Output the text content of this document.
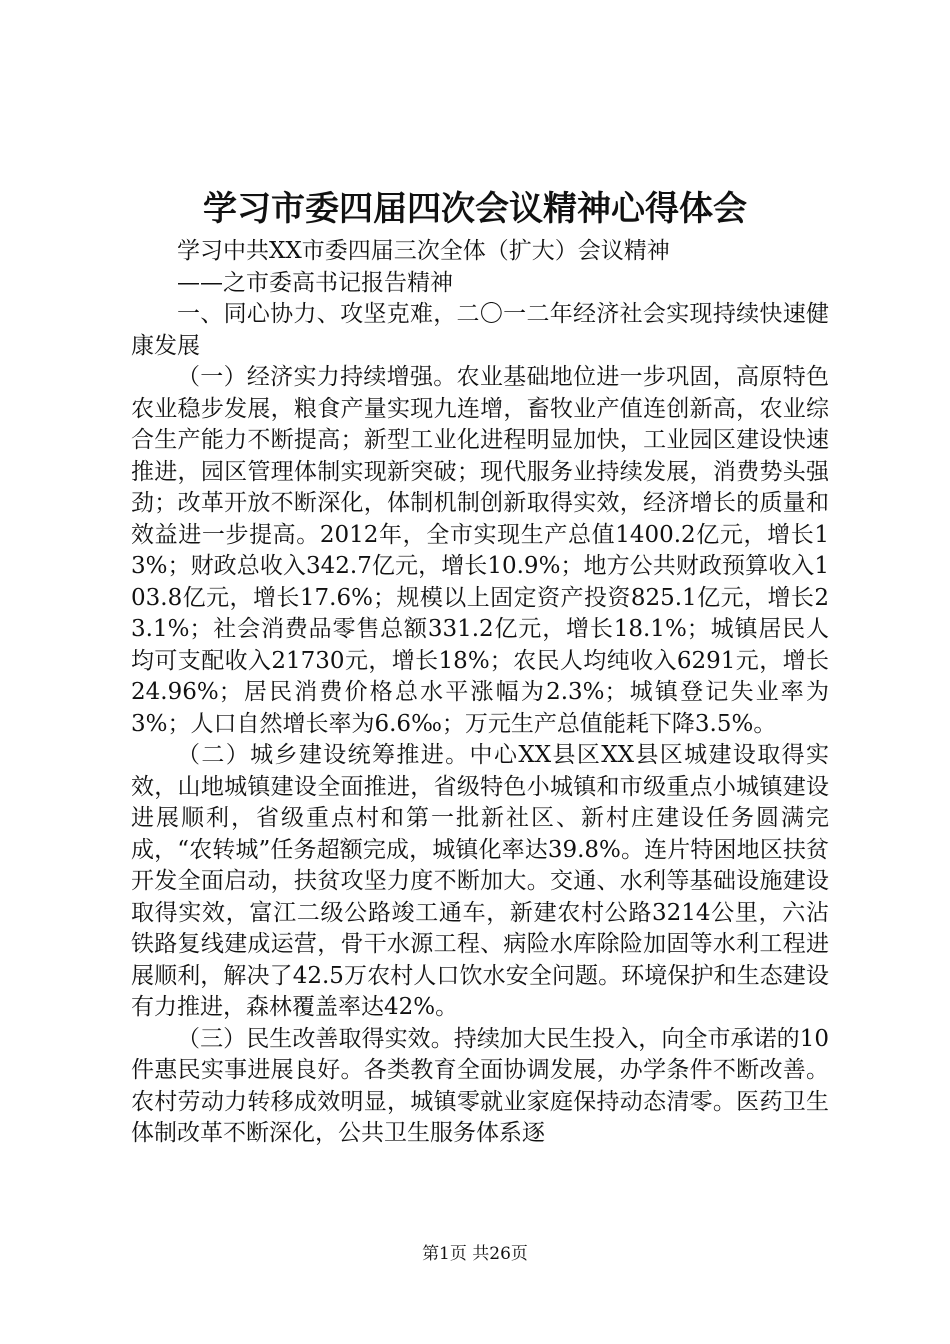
学习市委四届四次会议精神心得体会

学习中共XX市委四届三次全体（扩大）会议精神

——之市委高书记报告精神

一、同心协力、攻坚克难，二〇一二年经济社会实现持续快速健康发展

（一）经济实力持续增强。农业基础地位进一步巩固，高原特色农业稳步发展，粮食产量实现九连增，畜牧业产值连创新高，农业综合生产能力不断提高；新型工业化进程明显加快，工业园区建设快速推进，园区管理体制实现新突破；现代服务业持续发展，消费势头强劲；改革开放不断深化，体制机制创新取得实效，经济增长的质量和效益进一步提高。2012年，全市实现生产总值1400.2亿元，增长13%；财政总收入342.7亿元，增长10.9%；地方公共财政预算收入103.8亿元，增长17.6%；规模以上固定资产投资825.1亿元，增长23.1%；社会消费品零售总额331.2亿元，增长18.1%；城镇居民人均可支配收入21730元，增长18%；农民人均纯收入6291元，增长24.96%；居民消费价格总水平涨幅为2.3%；城镇登记失业率为3%；人口自然增长率为6.6‰；万元生产总值能耗下降3.5%。

（二）城乡建设统筹推进。中心XX县区XX县区城建设取得实效，山地城镇建设全面推进，省级特色小城镇和市级重点小城镇建设进展顺利，省级重点村和第一批新社区、新村庄建设任务圆满完成，“农转城”任务超额完成，城镇化率达39.8%。连片特困地区扶贫开发全面启动，扶贫攻坚力度不断加大。交通、水利等基础设施建设取得实效，富江二级公路竣工通车，新建农村公路3214公里，六沾铁路复线建成运营，骨干水源工程、病险水库除险加固等水利工程进展顺利，解决了42.5万农村人口饮水安全问题。环境保护和生态建设有力推进，森林覆盖率达42%。

（三）民生改善取得实效。持续加大民生投入，向全市承诺的10件惠民实事进展良好。各类教育全面协调发展，办学条件不断改善。农村劳动力转移成效明显，城镇零就业家庭保持动态清零。医药卫生体制改革不断深化，公共卫生服务体系逐

第1页 共26页
